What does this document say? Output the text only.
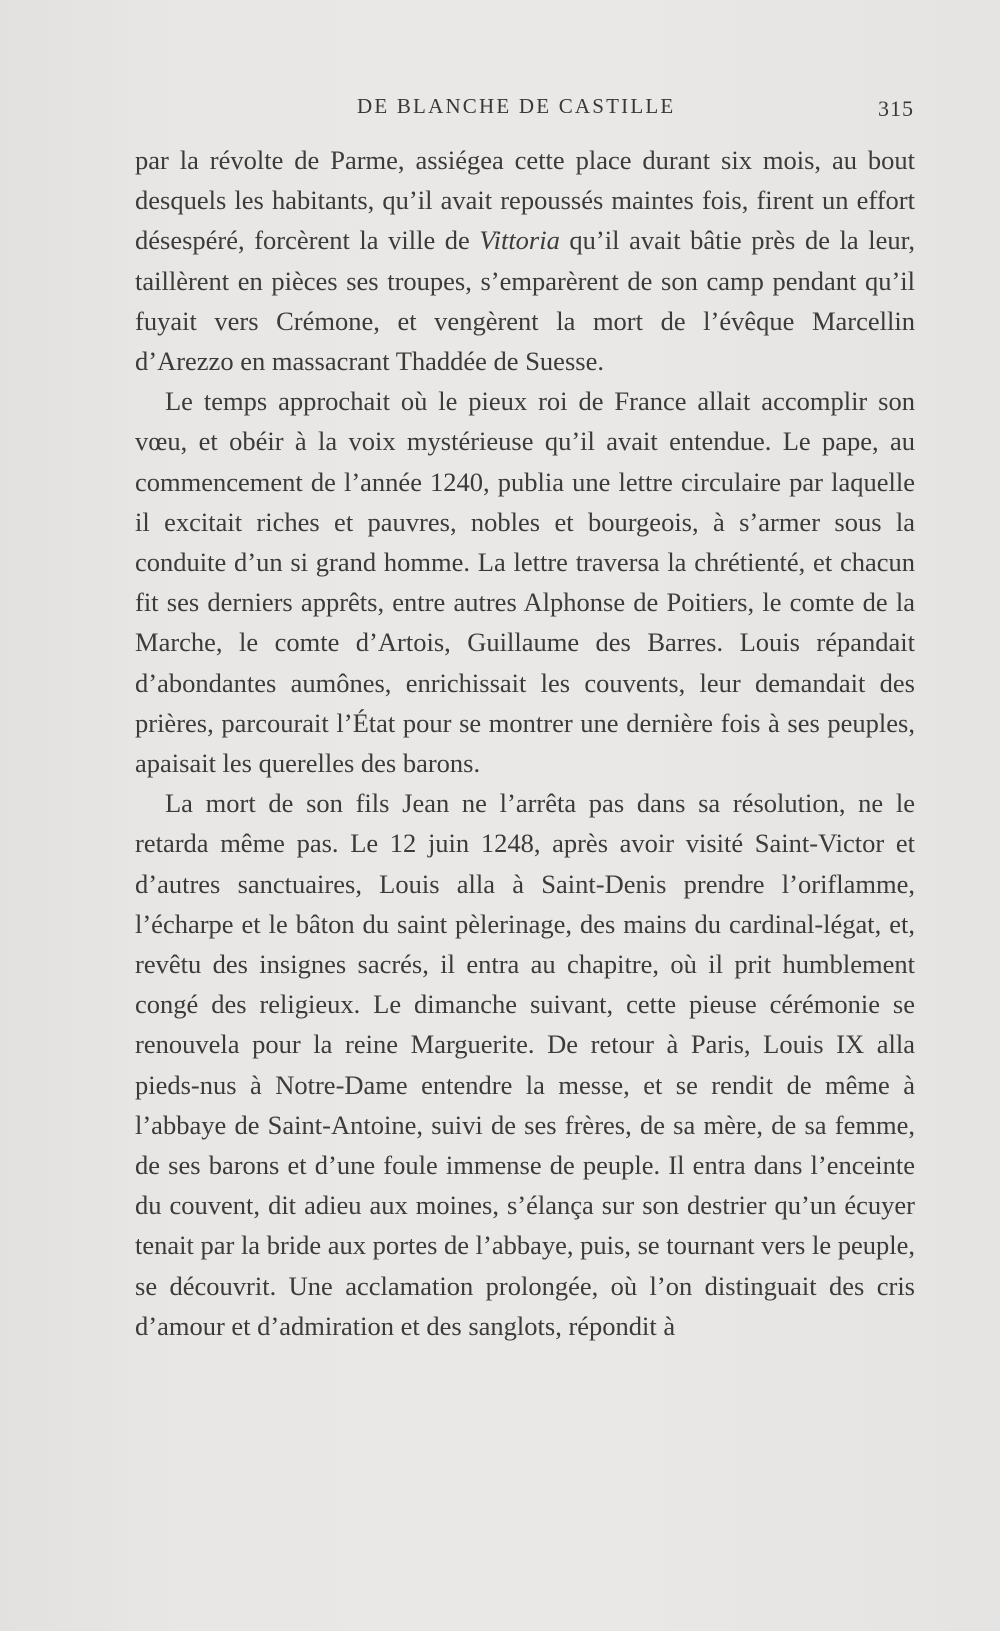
DE BLANCHE DE CASTILLE	315

par la révolte de Parme, assiégea cette place durant six mois, au bout desquels les habitants, qu’il avait repoussés maintes fois, firent un effort désespéré, forcèrent la ville de Vittoria qu’il avait bâtie près de la leur, taillèrent en pièces ses troupes, s’emparèrent de son camp pendant qu’il fuyait vers Crémone, et vengèrent la mort de l’évêque Marcellin d’Arezzo en massacrant Thaddée de Suesse.

Le temps approchait où le pieux roi de France allait accomplir son vœu, et obéir à la voix mystérieuse qu’il avait entendue. Le pape, au commencement de l’année 1240, publia une lettre circulaire par laquelle il excitait riches et pauvres, nobles et bourgeois, à s’armer sous la conduite d’un si grand homme. La lettre traversa la chrétienté, et chacun fit ses derniers apprêts, entre autres Alphonse de Poitiers, le comte de la Marche, le comte d’Artois, Guillaume des Barres. Louis répandait d’abondantes aumônes, enrichissait les couvents, leur demandait des prières, parcourait l’État pour se montrer une dernière fois à ses peuples, apaisait les querelles des barons.

La mort de son fils Jean ne l’arrêta pas dans sa résolution, ne le retarda même pas. Le 12 juin 1248, après avoir visité Saint-Victor et d’autres sanctuaires, Louis alla à Saint-Denis prendre l’oriflamme, l’écharpe et le bâton du saint pèlerinage, des mains du cardinal-légat, et, revêtu des insignes sacrés, il entra au chapitre, où il prit humblement congé des religieux. Le dimanche suivant, cette pieuse cérémonie se renouvela pour la reine Marguerite. De retour à Paris, Louis IX alla pieds-nus à Notre-Dame entendre la messe, et se rendit de même à l’abbaye de Saint-Antoine, suivi de ses frères, de sa mère, de sa femme, de ses barons et d’une foule immense de peuple. Il entra dans l’enceinte du couvent, dit adieu aux moines, s’élança sur son destrier qu’un écuyer tenait par la bride aux portes de l’abbaye, puis, se tournant vers le peuple, se découvrit. Une acclamation prolongée, où l’on distinguait des cris d’amour et d’admiration et des sanglots, répondit à
